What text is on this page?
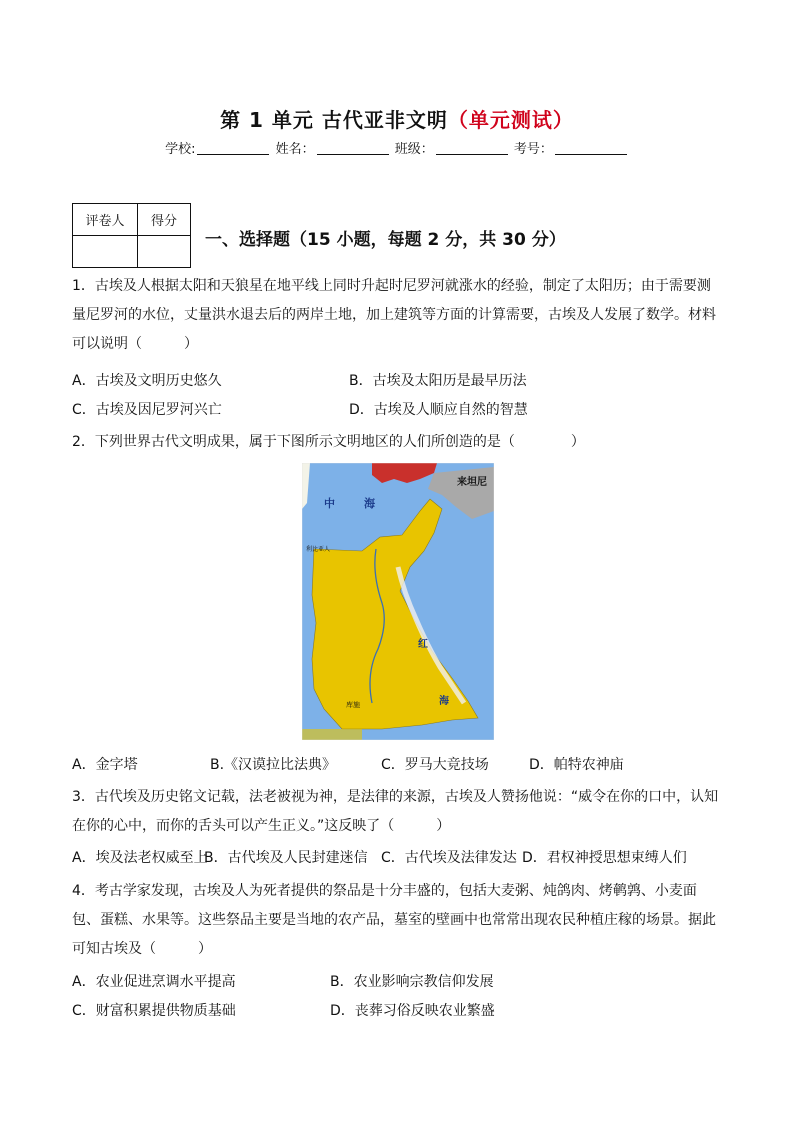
第 1 单元 古代亚非文明（单元测试）
学校:	姓名：	班级：	考号：
评卷人	得分

一、选择题（15 小题，每题 2 分，共 30 分）
1．古埃及人根据太阳和天狼星在地平线上同时升起时尼罗河就涨水的经验，制定了太阳历；由于需要测量尼罗河的水位，丈量洪水退去后的两岸土地，加上建筑等方面的计算需要，古埃及人发展了数学。材料可以说明（　　　）
A．古埃及文明历史悠久	B．古埃及太阳历是最早历法
C．古埃及因尼罗河兴亡	D．古埃及人顺应自然的智慧
2．下列世界古代文明成果，属于下图所示文明地区的人们所创造的是（　　　　）
中	海
来坦尼
利比亚人
红
海
库施
A．金字塔	B.《汉谟拉比法典》	C．罗马大竞技场	D．帕特农神庙
3．古代埃及历史铭文记载，法老被视为神，是法律的来源，古埃及人赞扬他说：“威令在你的口中，认知在你的心中，而你的舌头可以产生正义。”这反映了（　　　）
A．埃及法老权威至上
B．古代埃及人民封建迷信 C．古代埃及法律发达 D．君权神授思想束缚人们
4．考古学家发现，古埃及人为死者提供的祭品是十分丰盛的，包括大麦粥、炖鸽肉、烤鹌鹑、小麦面包、蛋糕、水果等。这些祭品主要是当地的农产品，墓室的壁画中也常常出现农民种植庄稼的场景。据此可知古埃及（　　　）
A．农业促进烹调水平提高	B．农业影响宗教信仰发展
C．财富积累提供物质基础	D．丧葬习俗反映农业繁盛
